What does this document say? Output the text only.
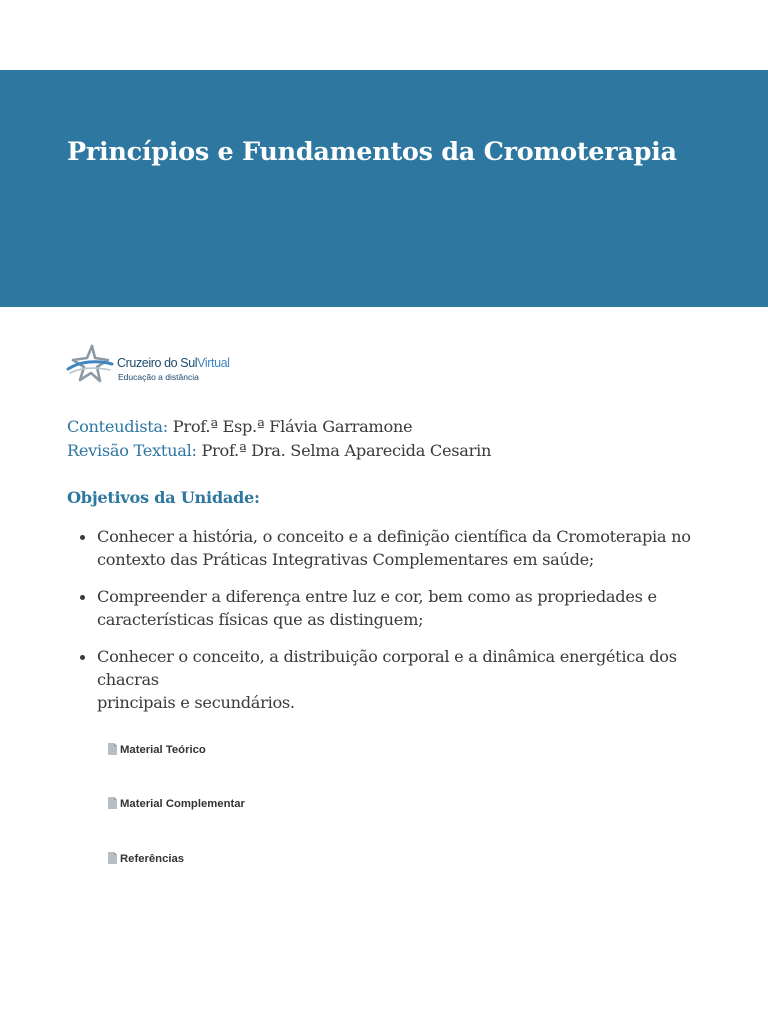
Princípios e Fundamentos da Cromoterapia
Cruzeiro do SulVirtual
Educação a distância
Conteudista: Prof.ª Esp.ª Flávia Garramone
Revisão Textual: Prof.ª Dra. Selma Aparecida Cesarin
Objetivos da Unidade:
Conhecer a história, o conceito e a definição científica da Cromoterapia no
contexto das Práticas Integrativas Complementares em saúde;
Compreender a diferença entre luz e cor, bem como as propriedades e
características físicas que as distinguem;
Conhecer o conceito, a distribuição corporal e a dinâmica energética dos chacras
principais e secundários.
Material Teórico
Material Complementar
Referências
